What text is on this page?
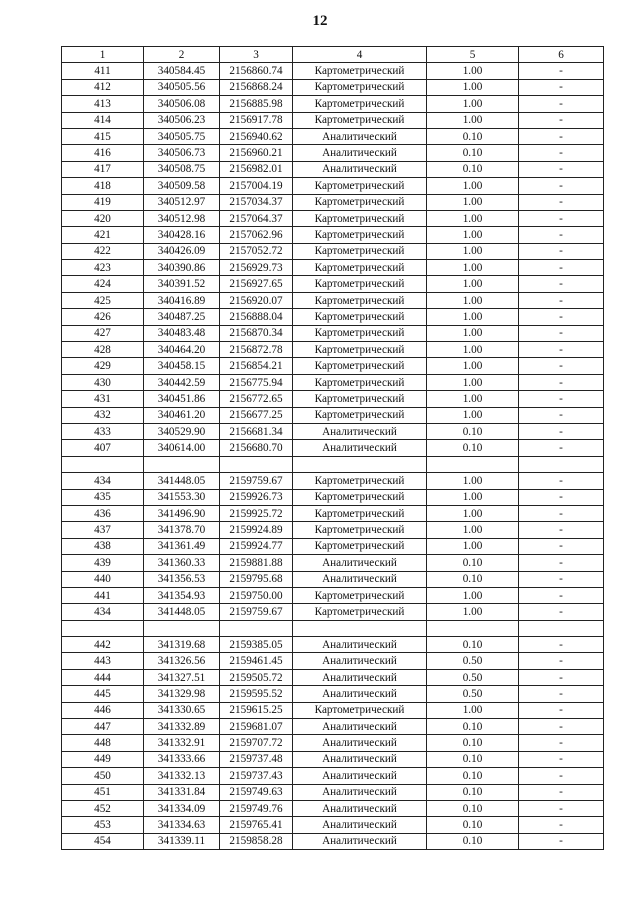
12
1	2	3	4	5	6
411	340584.45	2156860.74	Картометрический	1.00	-
412	340505.56	2156868.24	Картометрический	1.00	-
413	340506.08	2156885.98	Картометрический	1.00	-
414	340506.23	2156917.78	Картометрический	1.00	-
415	340505.75	2156940.62	Аналитический	0.10	-
416	340506.73	2156960.21	Аналитический	0.10	-
417	340508.75	2156982.01	Аналитический	0.10	-
418	340509.58	2157004.19	Картометрический	1.00	-
419	340512.97	2157034.37	Картометрический	1.00	-
420	340512.98	2157064.37	Картометрический	1.00	-
421	340428.16	2157062.96	Картометрический	1.00	-
422	340426.09	2157052.72	Картометрический	1.00	-
423	340390.86	2156929.73	Картометрический	1.00	-
424	340391.52	2156927.65	Картометрический	1.00	-
425	340416.89	2156920.07	Картометрический	1.00	-
426	340487.25	2156888.04	Картометрический	1.00	-
427	340483.48	2156870.34	Картометрический	1.00	-
428	340464.20	2156872.78	Картометрический	1.00	-
429	340458.15	2156854.21	Картометрический	1.00	-
430	340442.59	2156775.94	Картометрический	1.00	-
431	340451.86	2156772.65	Картометрический	1.00	-
432	340461.20	2156677.25	Картометрический	1.00	-
433	340529.90	2156681.34	Аналитический	0.10	-
407	340614.00	2156680.70	Аналитический	0.10	-

434	341448.05	2159759.67	Картометрический	1.00	-
435	341553.30	2159926.73	Картометрический	1.00	-
436	341496.90	2159925.72	Картометрический	1.00	-
437	341378.70	2159924.89	Картометрический	1.00	-
438	341361.49	2159924.77	Картометрический	1.00	-
439	341360.33	2159881.88	Аналитический	0.10	-
440	341356.53	2159795.68	Аналитический	0.10	-
441	341354.93	2159750.00	Картометрический	1.00	-
434	341448.05	2159759.67	Картометрический	1.00	-

442	341319.68	2159385.05	Аналитический	0.10	-
443	341326.56	2159461.45	Аналитический	0.50	-
444	341327.51	2159505.72	Аналитический	0.50	-
445	341329.98	2159595.52	Аналитический	0.50	-
446	341330.65	2159615.25	Картометрический	1.00	-
447	341332.89	2159681.07	Аналитический	0.10	-
448	341332.91	2159707.72	Аналитический	0.10	-
449	341333.66	2159737.48	Аналитический	0.10	-
450	341332.13	2159737.43	Аналитический	0.10	-
451	341331.84	2159749.63	Аналитический	0.10	-
452	341334.09	2159749.76	Аналитический	0.10	-
453	341334.63	2159765.41	Аналитический	0.10	-
454	341339.11	2159858.28	Аналитический	0.10	-
